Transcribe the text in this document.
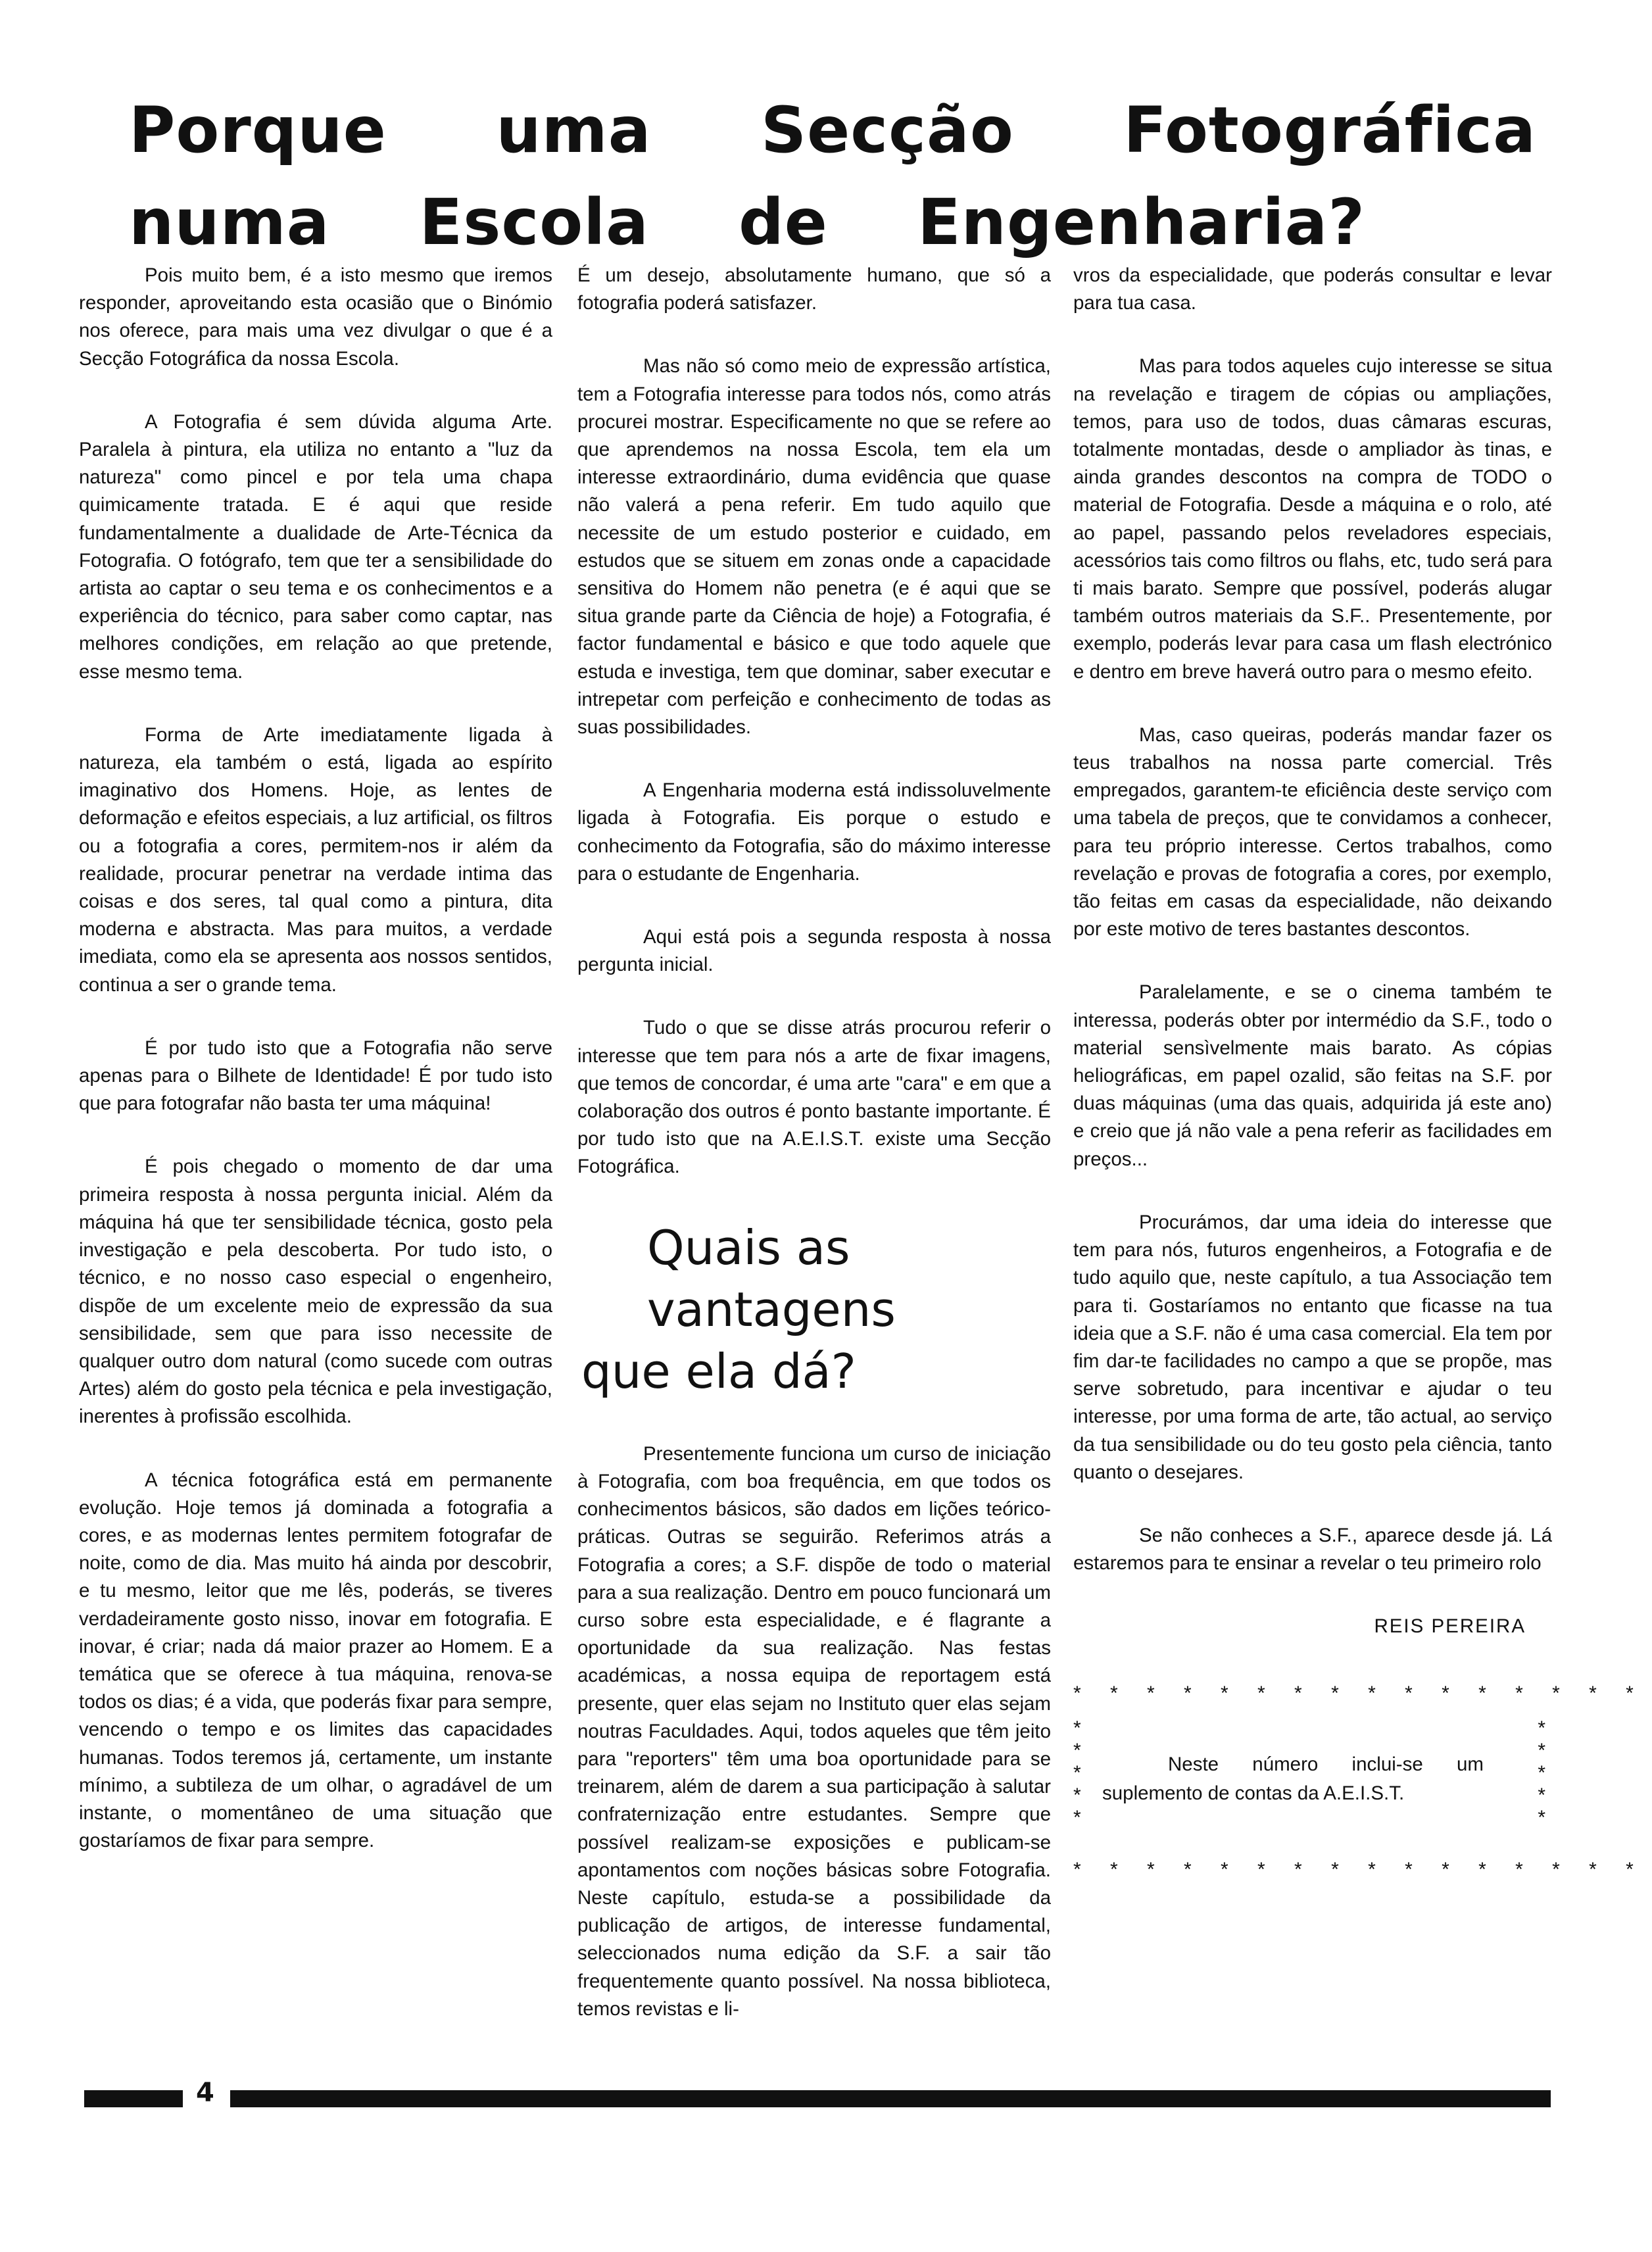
Porque uma Secção Fotográfica
numa Escola de Engenharia?

Pois muito bem, é a isto mesmo que iremos responder, aproveitando esta ocasião que o Binómio nos oferece, para mais uma vez divulgar o que é a Secção Fotográfica da nossa Escola.

A Fotografia é sem dúvida alguma Arte. Paralela à pintura, ela utiliza no entanto a "luz da natureza" como pincel e por tela uma chapa quimicamente tratada. E é aqui que reside fundamentalmente a dualidade de Arte-Técnica da Fotografia. O fotógrafo, tem que ter a sensibilidade do artista ao captar o seu tema e os conhecimentos e a experiência do técnico, para saber como captar, nas melhores condições, em relação ao que pretende, esse mesmo tema.

Forma de Arte imediatamente ligada à natureza, ela também o está, ligada ao espírito imaginativo dos Homens. Hoje, as lentes de deformação e efeitos especiais, a luz artificial, os filtros ou a fotografia a cores, permitem-nos ir além da realidade, procurar penetrar na verdade intima das coisas e dos seres, tal qual como a pintura, dita moderna e abstracta. Mas para muitos, a verdade imediata, como ela se apresenta aos nossos sentidos, continua a ser o grande tema.

É por tudo isto que a Fotografia não serve apenas para o Bilhete de Identidade! É por tudo isto que para fotografar não basta ter uma máquina!

É pois chegado o momento de dar uma primeira resposta à nossa pergunta inicial. Além da máquina há que ter sensibilidade técnica, gosto pela investigação e pela descoberta. Por tudo isto, o técnico, e no nosso caso especial o engenheiro, dispõe de um excelente meio de expressão da sua sensibilidade, sem que para isso necessite de qualquer outro dom natural (como sucede com outras Artes) além do gosto pela técnica e pela investigação, inerentes à profissão escolhida.

A técnica fotográfica está em permanente evolução. Hoje temos já dominada a fotografia a cores, e as modernas lentes permitem fotografar de noite, como de dia. Mas muito há ainda por descobrir, e tu mesmo, leitor que me lês, poderás, se tiveres verdadeiramente gosto nisso, inovar em fotografia. E inovar, é criar; nada dá maior prazer ao Homem. E a temática que se oferece à tua máquina, renova-se todos os dias; é a vida, que poderás fixar para sempre, vencendo o tempo e os limites das capacidades humanas. Todos teremos já, certamente, um instante mínimo, a subtileza de um olhar, o agradável de um instante, o momentâneo de uma situação que gostaríamos de fixar para sempre.

É um desejo, absolutamente humano, que só a fotografia poderá satisfazer.

Mas não só como meio de expressão artística, tem a Fotografia interesse para todos nós, como atrás procurei mostrar. Especificamente no que se refere ao que aprendemos na nossa Escola, tem ela um interesse extraordinário, duma evidência que quase não valerá a pena referir. Em tudo aquilo que necessite de um estudo posterior e cuidado, em estudos que se situem em zonas onde a capacidade sensitiva do Homem não penetra (e é aqui que se situa grande parte da Ciência de hoje) a Fotografia, é factor fundamental e básico e que todo aquele que estuda e investiga, tem que dominar, saber executar e intrepetar com perfeição e conhecimento de todas as suas possibilidades.

A Engenharia moderna está indissoluvelmente ligada à Fotografia. Eis porque o estudo e conhecimento da Fotografia, são do máximo interesse para o estudante de Engenharia.

Aqui está pois a segunda resposta à nossa pergunta inicial.

Tudo o que se disse atrás procurou referir o interesse que tem para nós a arte de fixar imagens, que temos de concordar, é uma arte "cara" e em que a colaboração dos outros é ponto bastante importante. É por tudo isto que na A.E.I.S.T. existe uma Secção Fotográfica.

Quais as vantagens
que ela dá?

Presentemente funciona um curso de iniciação à Fotografia, com boa frequência, em que todos os conhecimentos básicos, são dados em lições teórico-práticas. Outras se seguirão. Referimos atrás a Fotografia a cores; a S.F. dispõe de todo o material para a sua realização. Dentro em pouco funcionará um curso sobre esta especialidade, e é flagrante a oportunidade da sua realização. Nas festas académicas, a nossa equipa de reportagem está presente, quer elas sejam no Instituto quer elas sejam noutras Faculdades. Aqui, todos aqueles que têm jeito para "reporters" têm uma boa oportunidade para se treinarem, além de darem a sua participação à salutar confraternização entre estudantes. Sempre que possível realizam-se exposições e publicam-se apontamentos com noções básicas sobre Fotografia. Neste capítulo, estuda-se a possibilidade da publicação de artigos, de interesse fundamental, seleccionados numa edição da S.F. a sair tão frequentemente quanto possível. Na nossa biblioteca, temos revistas e li-

vros da especialidade, que poderás consultar e levar para tua casa.

Mas para todos aqueles cujo interesse se situa na revelação e tiragem de cópias ou ampliações, temos, para uso de todos, duas câmaras escuras, totalmente montadas, desde o ampliador às tinas, e ainda grandes descontos na compra de TODO o material de Fotografia. Desde a máquina e o rolo, até ao papel, passando pelos reveladores especiais, acessórios tais como filtros ou flahs, etc, tudo será para ti mais barato. Sempre que possível, poderás alugar também outros materiais da S.F.. Presentemente, por exemplo, poderás levar para casa um flash electrónico e dentro em breve haverá outro para o mesmo efeito.

Mas, caso queiras, poderás mandar fazer os teus trabalhos na nossa parte comercial. Três empregados, garantem-te eficiência deste serviço com uma tabela de preços, que te convidamos a conhecer, para teu próprio interesse. Certos trabalhos, como revelação e provas de fotografia a cores, por exemplo, tão feitas em casas da especialidade, não deixando por este motivo de teres bastantes descontos.

Paralelamente, e se o cinema também te interessa, poderás obter por intermédio da S.F., todo o material sensìvelmente mais barato. As cópias heliográficas, em papel ozalid, são feitas na S.F. por duas máquinas (uma das quais, adquirida já este ano) e creio que já não vale a pena referir as facilidades em preços...

Procurámos, dar uma ideia do interesse que tem para nós, futuros engenheiros, a Fotografia e de tudo aquilo que, neste capítulo, a tua Associação tem para ti. Gostaríamos no entanto que ficasse na tua ideia que a S.F. não é uma casa comercial. Ela tem por fim dar-te facilidades no campo a que se propõe, mas serve sobretudo, para incentivar e ajudar o teu interesse, por uma forma de arte, tão actual, ao serviço da tua sensibilidade ou do teu gosto pela ciência, tanto quanto o desejares.

Se não conheces a S.F., aparece desde já. Lá estaremos para te ensinar a revelar o teu primeiro rolo

REIS PEREIRA
* * * * * * * * * * * * * * * *
*
*
*
*
*
*
*
*
*
*
Neste número inclui-se um suplemento de contas da A.E.I.S.T.
* * * * * * * * * * * * * * * *
4
